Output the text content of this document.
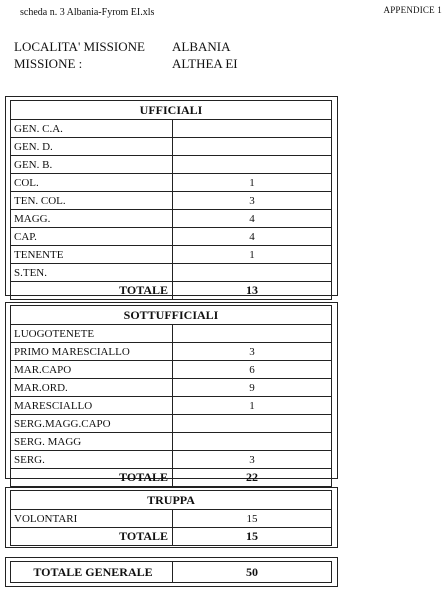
scheda n. 3 Albania-Fyrom EI.xls	APPENDICE 1
LOCALITA' MISSIONE	ALBANIA
MISSIONE :	ALTHEA EI
UFFICIALI	
GEN. C.A.	
GEN. D.	
GEN. B.	
COL.	1
TEN. COL.	3
MAGG.	4
CAP.	4
TENENTE	1
S.TEN.	
TOTALE	13
SOTTUFFICIALI	
LUOGOTENETE	
PRIMO MARESCIALLO	3
MAR.CAPO	6
MAR.ORD.	9
MARESCIALLO	1
SERG.MAGG.CAPO	
SERG. MAGG	
SERG.	3
TOTALE	22
TRUPPA	
VOLONTARI	15
TOTALE	15
TOTALE GENERALE	50
